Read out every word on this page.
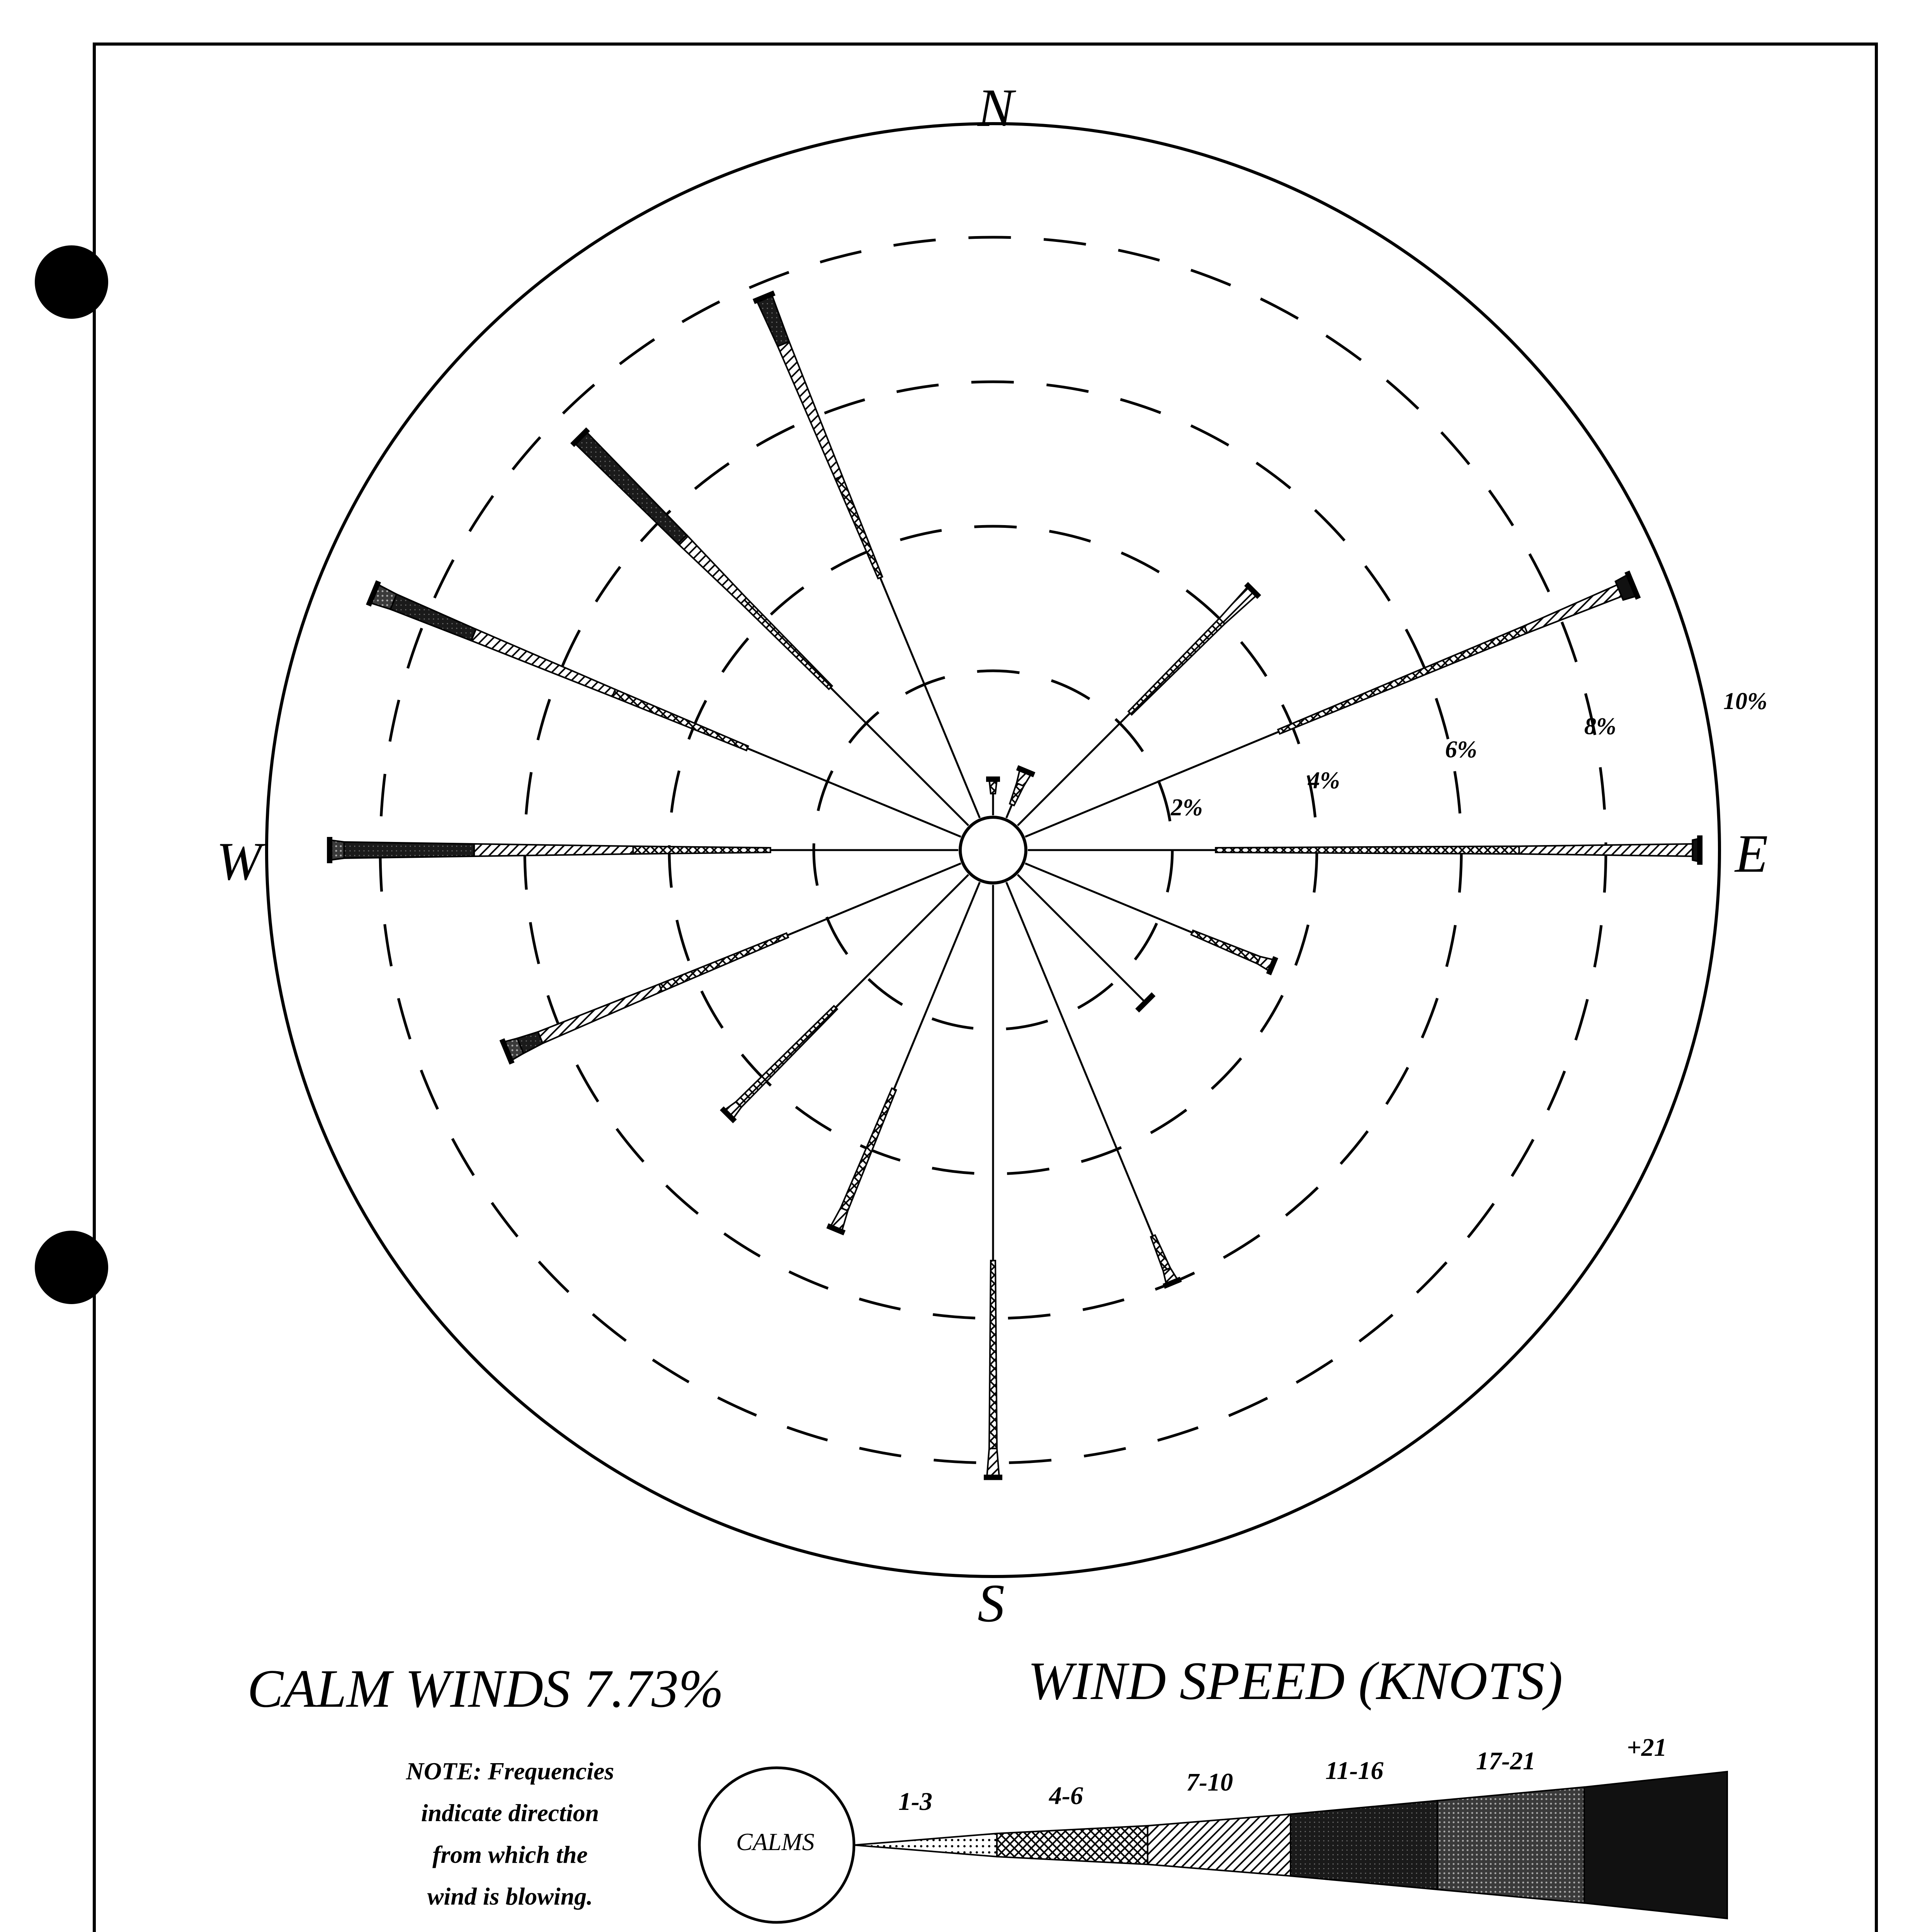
N
S
E
W
2%
4%
6%
8%
10%
CALM WINDS 7.73%	WIND SPEED (KNOTS)
NOTE: Frequencies
indicate direction
from which the
wind is blowing.
CALMS
1-3	4-6	7-10	11-16	17-21	+21
